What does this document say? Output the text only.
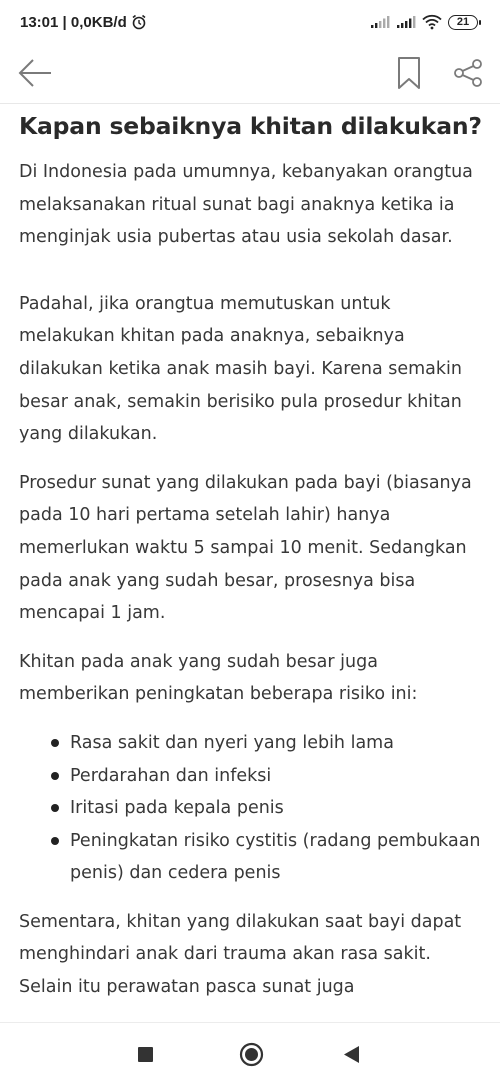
13:01 | 0,0KB/d	21
Kapan sebaiknya khitan dilakukan?

Di Indonesia pada umumnya, kebanyakan orangtua melaksanakan ritual sunat bagi anaknya ketika ia menginjak usia pubertas atau usia sekolah dasar.

Padahal, jika orangtua memutuskan untuk melakukan khitan pada anaknya, sebaiknya dilakukan ketika anak masih bayi. Karena semakin besar anak, semakin berisiko pula prosedur khitan yang dilakukan.

Prosedur sunat yang dilakukan pada bayi (biasanya pada 10 hari pertama setelah lahir) hanya memerlukan waktu 5 sampai 10 menit. Sedangkan pada anak yang sudah besar, prosesnya bisa mencapai 1 jam.

Khitan pada anak yang sudah besar juga memberikan peningkatan beberapa risiko ini:

Rasa sakit dan nyeri yang lebih lama
Perdarahan dan infeksi
Iritasi pada kepala penis
Peningkatan risiko cystitis (radang pembukaan penis) dan cedera penis

Sementara, khitan yang dilakukan saat bayi dapat menghindari anak dari trauma akan rasa sakit. Selain itu perawatan pasca sunat juga
